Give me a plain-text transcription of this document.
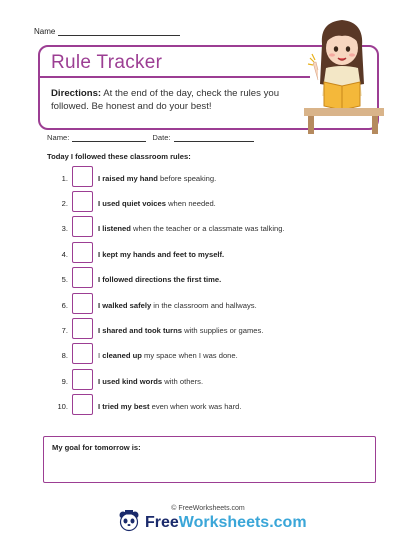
Name
Rule Tracker
Directions: At the end of the day, check the rules you followed. Be honest and do your best!
Name:	Date:
Today I followed these classroom rules:
1.	I raised my hand before speaking.
2.	I used quiet voices when needed.
3.	I listened when the teacher or a classmate was talking.
4.	I kept my hands and feet to myself.
5.	I followed directions the first time.
6.	I walked safely in the classroom and hallways.
7.	I shared and took turns with supplies or games.
8.	I cleaned up my space when I was done.
9.	I used kind words with others.
10.	I tried my best even when work was hard.
My goal for tomorrow is:
© FreeWorksheets.com
FreeWorksheets.com
